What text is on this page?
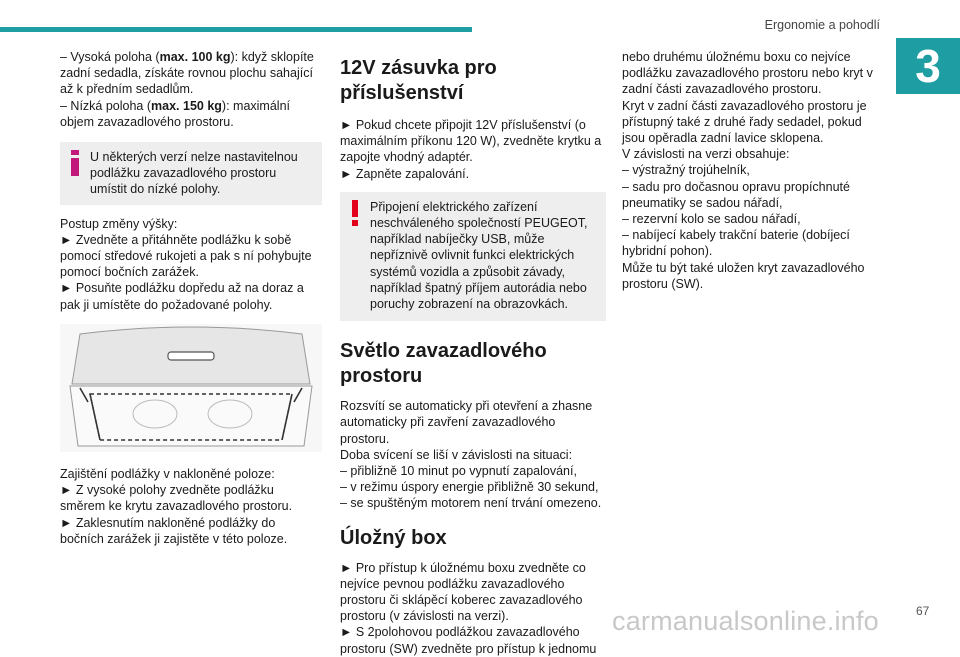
Ergonomie a pohodlí
3

– Vysoká poloha (max. 100 kg): když sklopíte zadní sedadla, získáte rovnou plochu sahající až k předním sedadlům.

– Nízká poloha (max. 150 kg): maximální objem zavazadlového prostoru.

U některých verzí nelze nastavitelnou podlážku zavazadlového prostoru umístit do nízké polohy.

Postup změny výšky:

► Zvedněte a přitáhněte podlážku k sobě pomocí středové rukojeti a pak s ní pohybujte pomocí bočních zarážek.

► Posuňte podlážku dopředu až na doraz a pak ji umístěte do požadované polohy.

Zajištění podlážky v nakloněné poloze:

► Z vysoké polohy zvedněte podlážku směrem ke krytu zavazadlového prostoru.

► Zaklesnutím nakloněné podlážky do bočních zarážek ji zajistěte v této poloze.

12V zásuvka pro příslušenství

► Pokud chcete připojit 12V příslušenství (o maximálním příkonu 120 W), zvedněte krytku a zapojte vhodný adaptér.

► Zapněte zapalování.

Připojení elektrického zařízení neschváleného společností PEUGEOT, například nabíječky USB, může nepříznivě ovlivnit funkci elektrických systémů vozidla a způsobit závady, například špatný příjem autorádia nebo poruchy zobrazení na obrazovkách.
Světlo zavazadlového prostoru

Rozsvítí se automaticky při otevření a zhasne automaticky při zavření zavazadlového prostoru.

Doba svícení se liší v závislosti na situaci:

– přibližně 10 minut po vypnutí zapalování,

– v režimu úspory energie přibližně 30 sekund,

– se spuštěným motorem není trvání omezeno.

Úložný box

► Pro přístup k úložnému boxu zvedněte co nejvíce pevnou podlážku zavazadlového prostoru či sklápěcí koberec zavazadlového prostoru (v závislosti na verzi).

► S 2polohovou podlážkou zavazadlového prostoru (SW) zvedněte pro přístup k jednomu

nebo druhému úložnému boxu co nejvíce podlážku zavazadlového prostoru nebo kryt v zadní části zavazadlového prostoru.

Kryt v zadní části zavazadlového prostoru je přístupný také z druhé řady sedadel, pokud jsou opěradla zadní lavice sklopena.

V závislosti na verzi obsahuje:

– výstražný trojúhelník,

– sadu pro dočasnou opravu propíchnuté pneumatiky se sadou nářadí,

– rezervní kolo se sadou nářadí,

– nabíjecí kabely trakční baterie (dobíjecí hybridní pohon).

Může tu být také uložen kryt zavazadlového prostoru (SW).

carmanualsonline.info	67
